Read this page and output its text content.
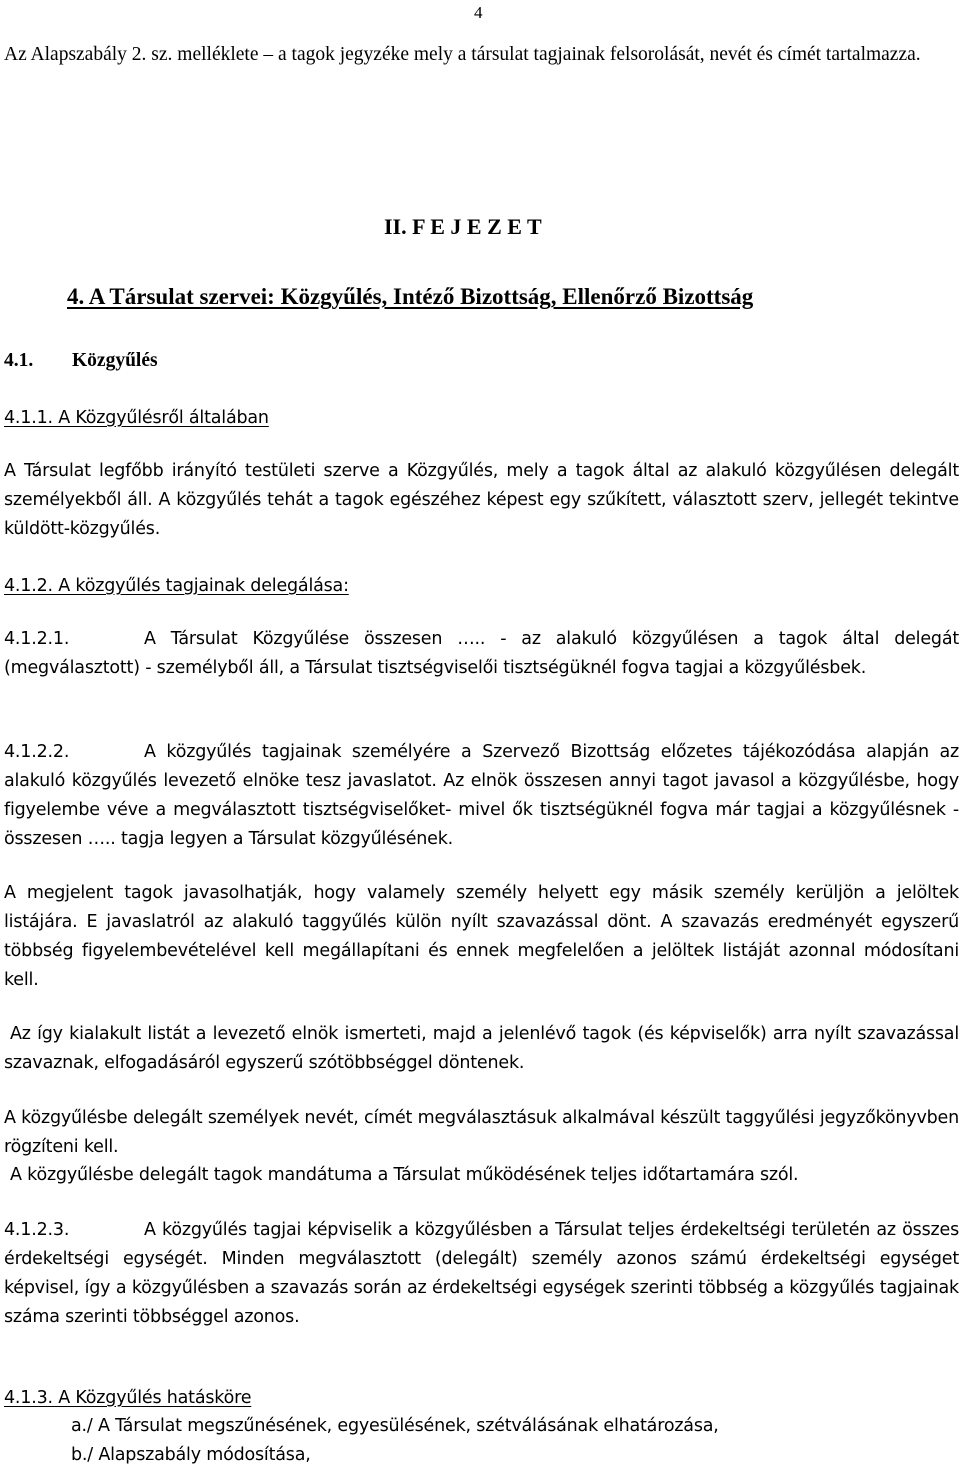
4
Az Alapszabály 2. sz. melléklete – a tagok jegyzéke mely a társulat tagjainak felsorolását, nevét és címét tartalmazza.
II. F E J E Z E T
4. A Társulat szervei: Közgyűlés, Intéző Bizottság, Ellenőrző Bizottság
4.1. Közgyűlés
4.1.1. A Közgyűlésről általában
A Társulat legfőbb irányító testületi szerve a Közgyűlés, mely a tagok által az alakuló közgyűlésen delegált személyekből áll. A közgyűlés tehát a tagok egészéhez képest egy szűkített, választott szerv, jellegét tekintve küldött-közgyűlés.
4.1.2. A közgyűlés tagjainak delegálása:
4.1.2.1.	A Társulat Közgyűlése összesen ….. - az alakuló közgyűlésen a tagok által delegát (megválasztott) - személyből áll, a Társulat tisztségviselői tisztségüknél fogva tagjai a közgyűlésbek.
4.1.2.2.	A közgyűlés tagjainak személyére a Szervező Bizottság előzetes tájékozódása alapján az alakuló közgyűlés levezető elnöke tesz javaslatot. Az elnök összesen annyi tagot javasol a közgyűlésbe, hogy figyelembe véve a megválasztott tisztségviselőket- mivel ők tisztségüknél fogva már tagjai a közgyűlésnek - összesen ….. tagja legyen a Társulat közgyűlésének.
A megjelent tagok javasolhatják, hogy valamely személy helyett egy másik személy kerüljön a jelöltek listájára. E javaslatról az alakuló taggyűlés külön nyílt szavazással dönt. A szavazás eredményét egyszerű többség figyelembevételével kell megállapítani és ennek megfelelően a jelöltek listáját azonnal módosítani kell.
Az így kialakult listát a levezető elnök ismerteti, majd a jelenlévő tagok (és képviselők) arra nyílt szavazással szavaznak, elfogadásáról egyszerű szótöbbséggel döntenek.
A közgyűlésbe delegált személyek nevét, címét megválasztásuk alkalmával készült taggyűlési jegyzőkönyvben rögzíteni kell.
A közgyűlésbe delegált tagok mandátuma a Társulat működésének teljes időtartamára szól.
4.1.2.3.	A közgyűlés tagjai képviselik a közgyűlésben a Társulat teljes érdekeltségi területén az összes érdekeltségi egységét. Minden megválasztott (delegált) személy azonos számú érdekeltségi egységet képvisel, így a közgyűlésben a szavazás során az érdekeltségi egységek szerinti többség a közgyűlés tagjainak száma szerinti többséggel azonos.
4.1.3. A Közgyűlés hatásköre
a./ A Társulat megszűnésének, egyesülésének, szétválásának elhatározása,
b./ Alapszabály módosítása,
